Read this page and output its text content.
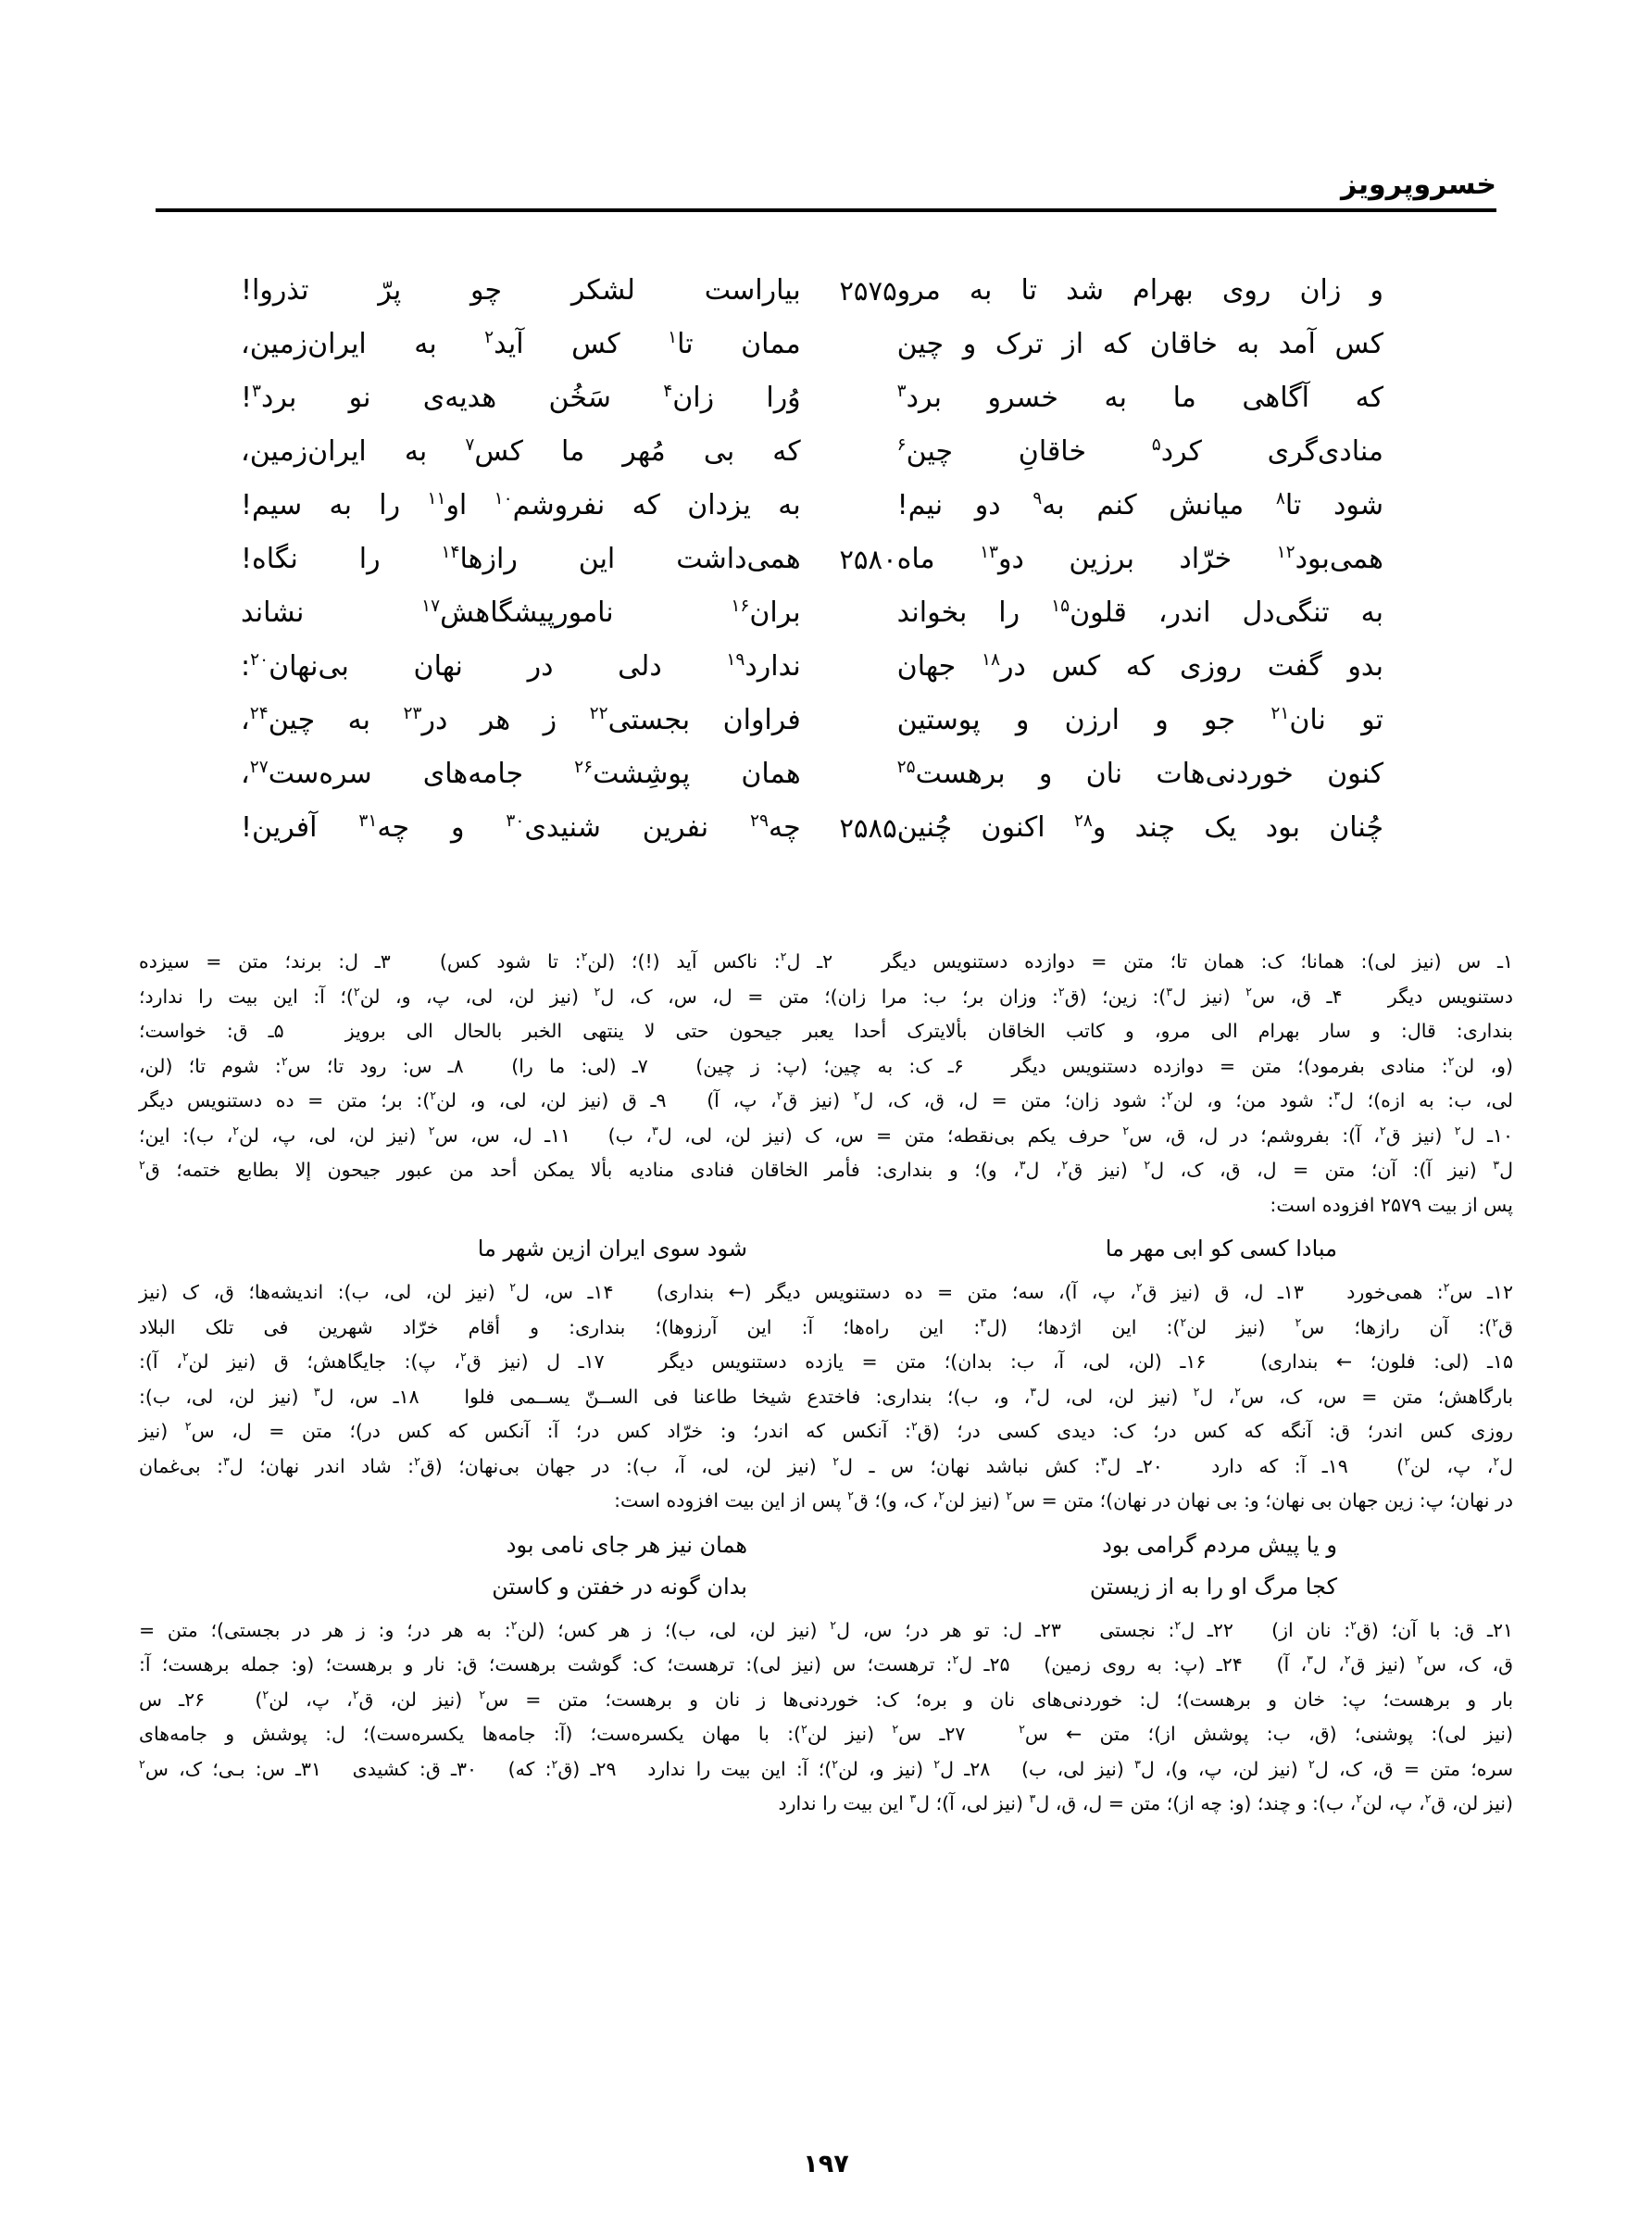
خسروپرویز
۲۵۷۵ و زان روی بهرام شد تا به مرو
بیاراست لشکر چو پرّ تذروا!
کس آمد به خاقان که از ترک و چین
ممان تا$^۱$ کس آید$^۲$ به ایران‌زمین،
که آگاهی ما به خسرو برد$^۳$
وُرا زان$^۴$ سَخُن هدیه‌ی نو برد$^۳$!
منادی‌گری کرد$^۵$ خاقانِ چین$^۶$
که بی مُهر ما کس$^۷$ به ایران‌زمین،
شود تا$^۸$ میانش کنم به$^۹$ دو نیم!
به یزدان که نفروشم$^{۱۰}$ او$^{۱۱}$ را به سیم!
۲۵۸۰	همی‌بود$^{۱۲}$ خرّاد برزین دو$^{۱۳}$ ماه
همی‌داشت این رازها$^{۱۴}$ را نگاه!
به تنگی‌دل اندر، قلون$^{۱۵}$ را بخواند
بران$^{۱۶}$ نامورپیشگاهش$^{۱۷}$ نشاند
بدو گفت روزی که کس در$^{۱۸}$ جهان
ندارد$^{۱۹}$ دلی در نهان بی‌نهان$^{۲۰}$:
تو نان$^{۲۱}$ جو و ارزن و پوستین
فراوان بجستی$^{۲۲}$ ز هر در$^{۲۳}$ به چین$^{۲۴}$،
کنون خوردنی‌هات نان و برهست$^{۲۵}$
همان پوشِشت$^{۲۶}$ جامه‌های سره‌ست$^{۲۷}$،
۲۵۸۵	چُنان بود یک چند و$^{۲۸}$ اکنون چُنین
چه$^{۲۹}$ نفرین شنیدی$^{۳۰}$ و چه$^{۳۱}$ آفرین!
۱ـ س (نیز لی): همانا؛ ک: همان تا؛ متن = دوازده دستنویس دیگر   ۲ـ ل$^۲$: ناکس آید (!)؛ (لن$^۲$: تا شود کس)   ۳ـ ل: برند؛ متن = سیزده
دستنویس دیگر   ۴ـ ق، س$^۲$ (نیز ل$^۳$): زین؛ (ق$^۲$: وزان بر؛ ب: مرا زان)؛ متن = ل، س، ک، ل$^۲$ (نیز لن، لی، پ، و، لن$^۲$)؛ آ: این بیت را ندارد؛
بنداری: قال: و سار بهرام الی مرو، و کاتب الخاقان بألایترک أحدا یعبر جیحون حتی لا ینتهی الخبر بالحال الی برویز   ۵ـ ق: خواست؛
(و، لن$^۲$: منادی بفرمود)؛ متن = دوازده دستنویس دیگر   ۶ـ ک: به چین؛ (پ: ز چین)   ۷ـ (لی: ما را)   ۸ـ س: رود تا؛ س$^۲$: شوم تا؛ (لن،
لی، ب: به ازه)؛ ل$^۳$: شود من؛ و، لن$^۲$: شود زان؛ متن = ل، ق، ک، ل$^۲$ (نیز ق$^۲$، پ، آ)   ۹ـ ق (نیز لن، لی، و، لن$^۲$): بر؛ متن = ده دستنویس دیگر
۱۰ـ ل$^۲$ (نیز ق$^۲$، آ): بفروشم؛ در ل، ق، س$^۲$ حرف یکم بی‌نقطه؛ متن = س، ک (نیز لن، لی، ل$^۳$، ب)   ۱۱ـ ل، س، س$^۲$ (نیز لن، لی، پ، لن$^۲$، ب): این؛
ل$^۳$ (نیز آ): آن؛ متن = ل، ق، ک، ل$^۲$ (نیز ق$^۲$، ل$^۳$، و)؛ و بنداری: فأمر الخاقان فنادی منادیه بألا یمکن أحد من عبور جیحون إلا بطابع ختمه؛ ق$^۲$
پس از بیت ۲۵۷۹ افزوده است:
مبادا کسی کو ابی مهر ما
شود سوی ایران ازین شهر ما
۱۲ـ س$^۲$: همی‌خورد   ۱۳ـ ل، ق (نیز ق$^۲$، پ، آ)، سه؛ متن = ده دستنویس دیگر (← بنداری)   ۱۴ـ س، ل$^۲$ (نیز لن، لی، ب): اندیشه‌ها؛ ق، ک (نیز
ق$^۲$): آن رازها؛ س$^۲$ (نیز لن$^۲$): این اژدها؛ (ل$^۳$: این راه‌ها؛ آ: این آرزوها)؛ بنداری: و أقام خرّاد شهرین فی تلک البلاد
۱۵ـ (لی: فلون؛ ← بنداری)   ۱۶ـ (لن، لی، آ، ب: بدان)؛ متن = یازده دستنویس دیگر   ۱۷ـ ل (نیز ق$^۲$، پ): جایگاهش؛ ق (نیز لن$^۲$، آ):
بارگاهش؛ متن = س، ک، س$^۲$، ل$^۲$ (نیز لن، لی، ل$^۳$، و، ب)؛ بنداری: فاختدع شیخا طاعنا فی الســنّ یســمی فلوا   ۱۸ـ س، ل$^۳$ (نیز لن، لی، ب):
روزی کس اندر؛ ق: آنگه که کس در؛ ک: دیدی کسی در؛ (ق$^۲$: آنکس که اندر؛ و: خرّاد کس در؛ آ: آنکس که کس در)؛ متن = ل، س$^۲$ (نیز
ل$^۲$، پ، لن$^۲$)   ۱۹ـ آ: که دارد   ۲۰ـ ل$^۳$: کش نباشد نهان؛ س ـ ل$^۲$ (نیز لن، لی، آ، ب): در جهان بی‌نهان؛ (ق$^۲$: شاد اندر نهان؛ ل$^۳$: بی‌غمان
در نهان؛ پ: زین جهان بی نهان؛ و: بی نهان در نهان)؛ متن = س$^۲$ (نیز لن$^۲$، ک، و)؛ ق$^۲$ پس از این بیت افزوده است:
و یا پیش مردم گرامی بود
همان نیز هر جای نامی بود
کجا مرگ او را به از زیستن
بدان گونه در خفتن و کاستن
۲۱ـ ق: با آن؛ (ق$^۲$: نان از)   ۲۲ـ ل$^۲$: نجستی   ۲۳ـ ل: تو هر در؛ س، ل$^۲$ (نیز لن، لی، ب)؛ ز هر کس؛ (لن$^۲$: به هر در؛ و: ز هر در بجستی)؛ متن =
ق، ک، س$^۲$ (نیز ق$^۲$، ل$^۳$، آ)   ۲۴ـ (پ: به روی زمین)   ۲۵ـ ل$^۲$: ترهست؛ س (نیز لی): ترهست؛ ک: گوشت برهست؛ ق: نار و برهست؛ (و: جمله برهست؛ آ:
بار و برهست؛ پ: خان و برهست)؛ ل: خوردنی‌های نان و بره؛ ک: خوردنی‌ها ز نان و برهست؛ متن = س$^۲$ (نیز لن، ق$^۲$، پ، لن$^۲$)   ۲۶ـ س
(نیز لی): پوشنی؛ (ق، ب: پوشش از)؛ متن ← س$^۲$   ۲۷ـ س$^۲$ (نیز لن$^۲$): با مهان یکسره‌ست؛ (آ: جامه‌ها یکسره‌ست)؛ ل: پوشش و جامه‌های
سره؛ متن = ق، ک، ل$^۲$ (نیز لن، پ، و)، ل$^۳$ (نیز لی، ب)   ۲۸ـ ل$^۲$ (نیز و، لن$^۲$)؛ آ: این بیت را ندارد   ۲۹ـ (ق$^۲$: که)   ۳۰ـ ق: کشیدی   ۳۱ـ س: بـی؛ ک، س$^۲$
(نیز لن، ق$^۲$، پ، لن$^۲$، ب): و چند؛ (و: چه از)؛ متن = ل، ق، ل$^۳$ (نیز لی، آ)؛ ل$^۳$ این بیت را ندارد
۱۹۷
